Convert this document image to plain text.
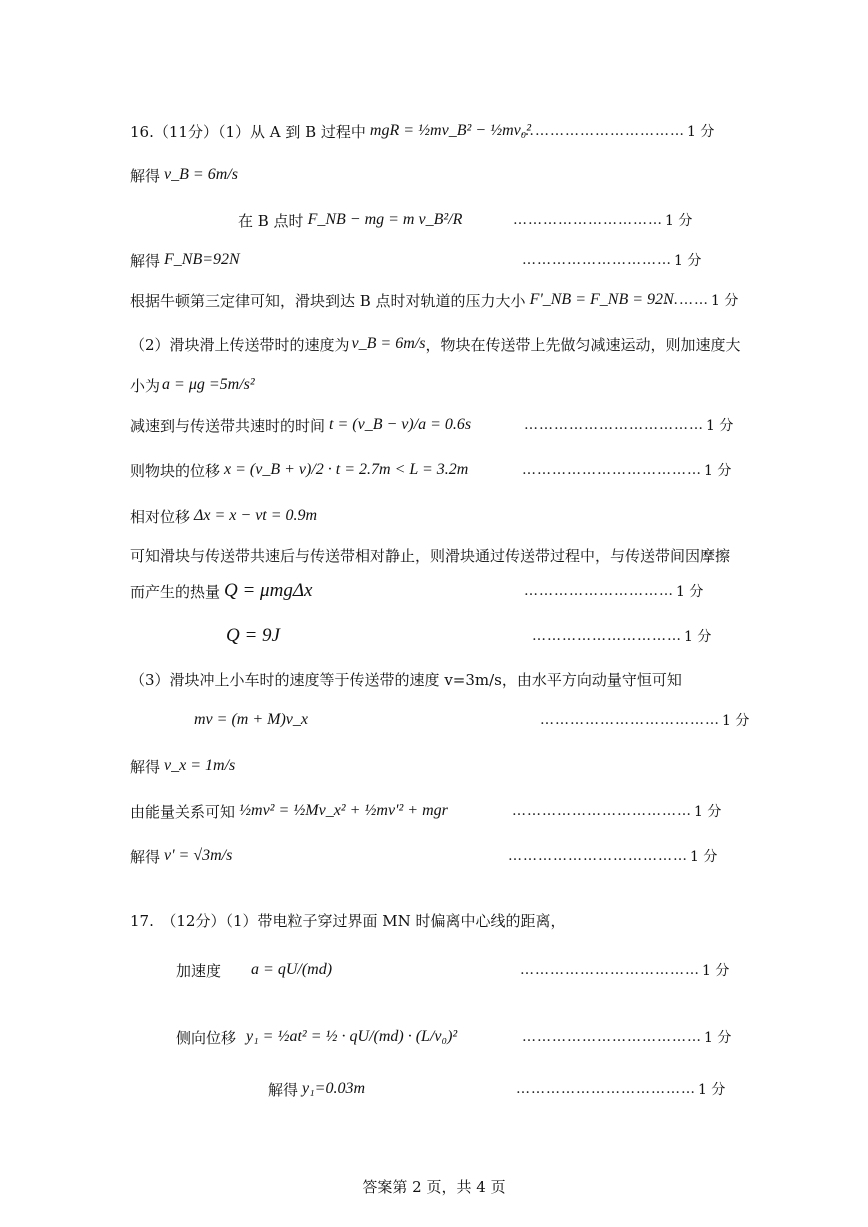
16.（11分）（1）从 A 到 B 过程中 mgR = ½mv_B² − ½mv₀²
…………………………… 1 分
解得 v_B = 6m/s
在 B 点时 F_NB − mg = m v_B²/R	………………………… 1 分
解得 F_NB=92N	………………………… 1 分
根据牛顿第三定律可知，滑块到达 B 点时对轨道的压力大小 F'_NB = F_NB = 92N
……… 1 分
（2）滑块滑上传送带时的速度为 v_B = 6m/s ，物块在传送带上先做匀减速运动，则加速度大
小为 a = μg =5m/s²
减速到与传送带共速时的时间 t = (v_B − v)/a = 0.6s	……………………………… 1 分
则物块的位移 x = (v_B + v)/2 · t = 2.7m < L = 3.2m	……………………………… 1 分
相对位移 Δx = x − vt = 0.9m
可知滑块与传送带共速后与传送带相对静止，则滑块通过传送带过程中，与传送带间因摩擦
而产生的热量 Q = μmgΔx	………………………… 1 分
Q = 9J	………………………… 1 分
（3）滑块冲上小车时的速度等于传送带的速度 v=3m/s，由水平方向动量守恒可知
mv = (m + M)v_x	……………………………… 1 分
解得 v_x = 1m/s
由能量关系可知 ½mv² = ½Mv_x² + ½mv'² + mgr	……………………………… 1 分
解得 v' = √3m/s	……………………………… 1 分
17.　（12分）（1）带电粒子穿过界面 MN 时偏离中心线的距离，
加速度 a = qU/(md)	……………………………… 1 分
侧向位移 y₁ = ½at² = ½ · qU/(md) · (L/v₀)²	……………………………… 1 分
解得 y₁=0.03m	……………………………… 1 分
答案第 2 页，共 4 页
